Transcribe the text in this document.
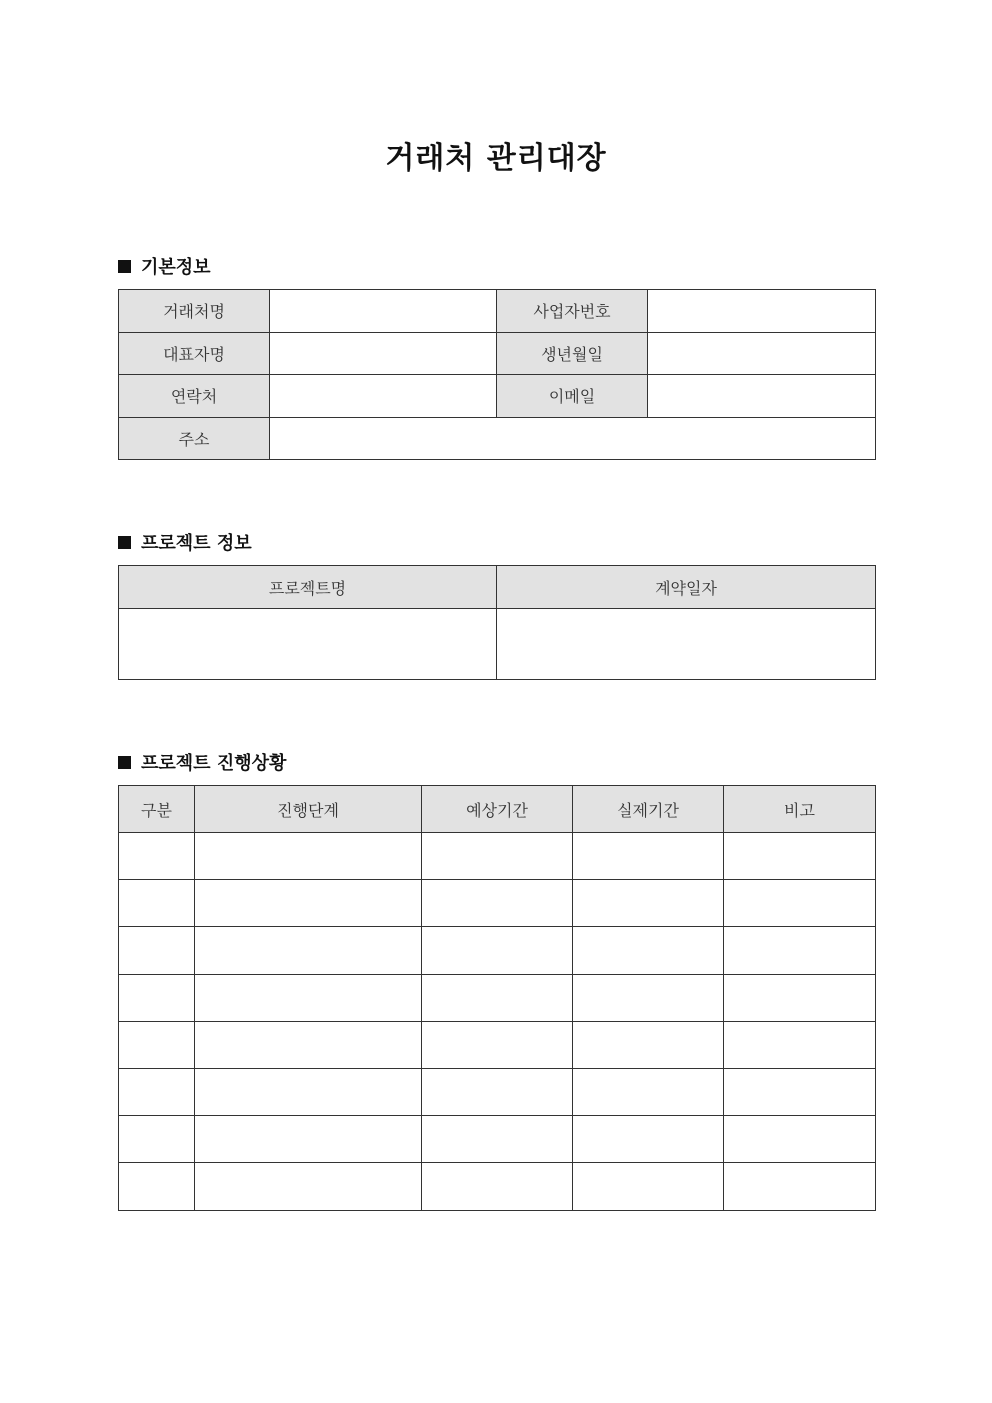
거래처 관리대장
기본정보
거래처명		사업자번호	
대표자명		생년월일	
연락처		이메일	
주소			
프로젝트 정보
프로젝트명	계약일자

프로젝트 진행상황
구분	진행단계	예상기간	실제기간	비고
